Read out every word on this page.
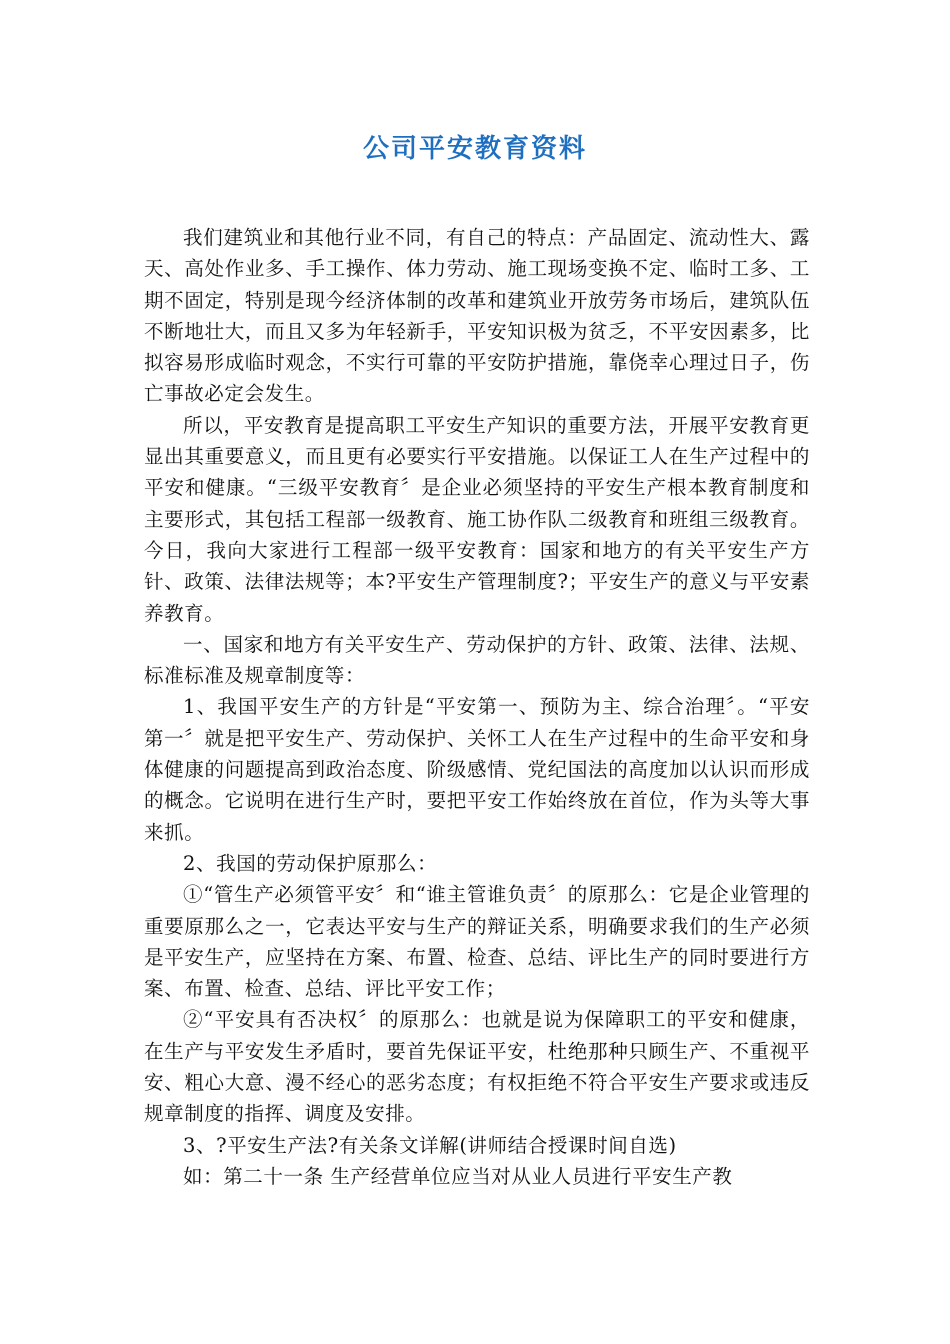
公司平安教育资料

我们建筑业和其他行业不同，有自己的特点：产品固定、流动性大、露天、高处作业多、手工操作、体力劳动、施工现场变换不定、临时工多、工期不固定，特别是现今经济体制的改革和建筑业开放劳务市场后，建筑队伍不断地壮大，而且又多为年轻新手，平安知识极为贫乏，不平安因素多，比拟容易形成临时观念，不实行可靠的平安防护措施，靠侥幸心理过日子，伤亡事故必定会发生。

所以，平安教育是提高职工平安生产知识的重要方法，开展平安教育更显出其重要意义，而且更有必要实行平安措施。以保证工人在生产过程中的平安和健康。“三级平安教育〞是企业必须坚持的平安生产根本教育制度和主要形式，其包括工程部一级教育、施工协作队二级教育和班组三级教育。今日，我向大家进行工程部一级平安教育：国家和地方的有关平安生产方针、政策、法律法规等；本?平安生产管理制度?；平安生产的意义与平安素养教育。

一、国家和地方有关平安生产、劳动保护的方针、政策、法律、法规、标准标准及规章制度等：

1、我国平安生产的方针是“平安第一、预防为主、综合治理〞。“平安第一〞就是把平安生产、劳动保护、关怀工人在生产过程中的生命平安和身体健康的问题提高到政治态度、阶级感情、党纪国法的高度加以认识而形成的概念。它说明在进行生产时，要把平安工作始终放在首位，作为头等大事来抓。

2、我国的劳动保护原那么：

①“管生产必须管平安〞和“谁主管谁负责〞的原那么：它是企业管理的重要原那么之一，它表达平安与生产的辩证关系，明确要求我们的生产必须是平安生产，应坚持在方案、布置、检查、总结、评比生产的同时要进行方案、布置、检查、总结、评比平安工作；

②“平安具有否决权〞的原那么：也就是说为保障职工的平安和健康，在生产与平安发生矛盾时，要首先保证平安，杜绝那种只顾生产、不重视平安、粗心大意、漫不经心的恶劣态度；有权拒绝不符合平安生产要求或违反规章制度的指挥、调度及安排。

3、?平安生产法?有关条文详解(讲师结合授课时间自选)

如：第二十一条 生产经营单位应当对从业人员进行平安生产教
